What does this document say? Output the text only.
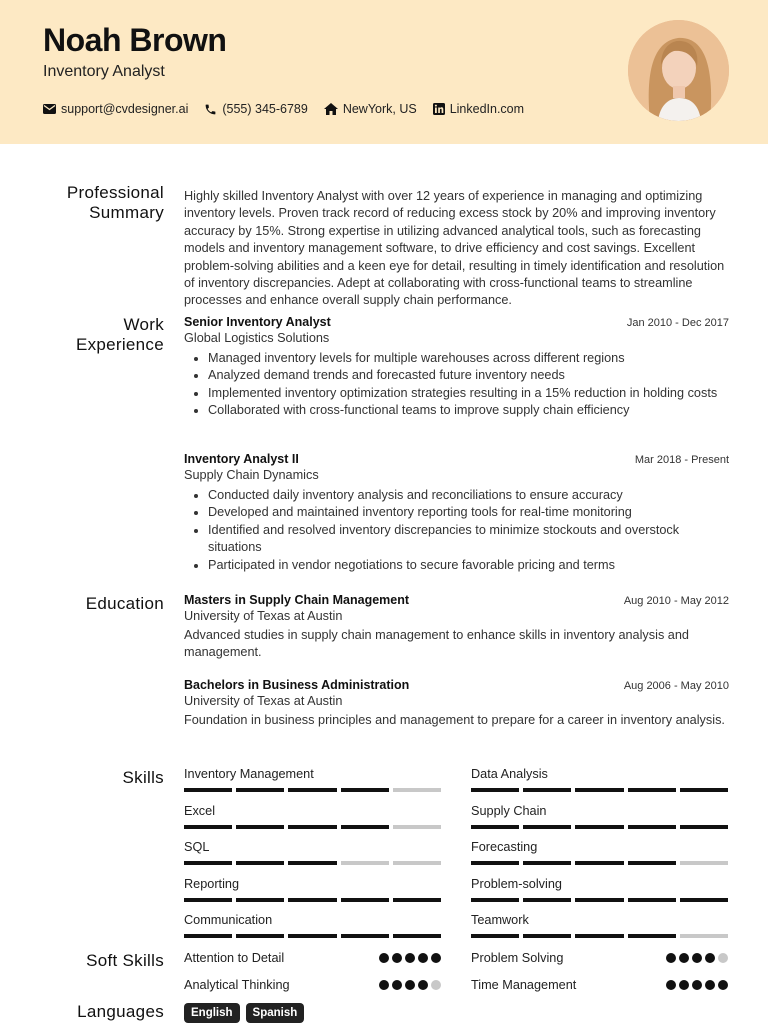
Noah Brown
Inventory Analyst
support@cvdesigner.ai	(555) 345-6789	NewYork, US	LinkedIn.com
Professional
Summary
Highly skilled Inventory Analyst with over 12 years of experience in managing and optimizing inventory levels. Proven track record of reducing excess stock by 20% and improving inventory accuracy by 15%. Strong expertise in utilizing advanced analytical tools, such as forecasting models and inventory management software, to drive efficiency and cost savings. Excellent problem-solving abilities and a keen eye for detail, resulting in timely identification and resolution of inventory discrepancies. Adept at collaborating with cross-functional teams to streamline processes and enhance overall supply chain performance.
Work
Experience
Senior Inventory Analyst	Jan 2010 - Dec 2017
Global Logistics Solutions
• Managed inventory levels for multiple warehouses across different regions
• Analyzed demand trends and forecasted future inventory needs
• Implemented inventory optimization strategies resulting in a 15% reduction in holding costs
• Collaborated with cross-functional teams to improve supply chain efficiency
Inventory Analyst II	Mar 2018 - Present
Supply Chain Dynamics
• Conducted daily inventory analysis and reconciliations to ensure accuracy
• Developed and maintained inventory reporting tools for real-time monitoring
• Identified and resolved inventory discrepancies to minimize stockouts and overstock situations
• Participated in vendor negotiations to secure favorable pricing and terms
Education Masters in Supply Chain Management	Aug 2010 - May 2012
University of Texas at Austin
Advanced studies in supply chain management to enhance skills in inventory analysis and management.
Bachelors in Business Administration	Aug 2006 - May 2010
University of Texas at Austin
Foundation in business principles and management to prepare for a career in inventory analysis.
Skills Inventory Management	Data Analysis
Excel	Supply Chain
SQL	Forecasting
Reporting	Problem-solving
Communication	Teamwork
Soft Skills Attention to Detail	Problem Solving
Analytical Thinking	Time Management
Languages	English	Spanish
